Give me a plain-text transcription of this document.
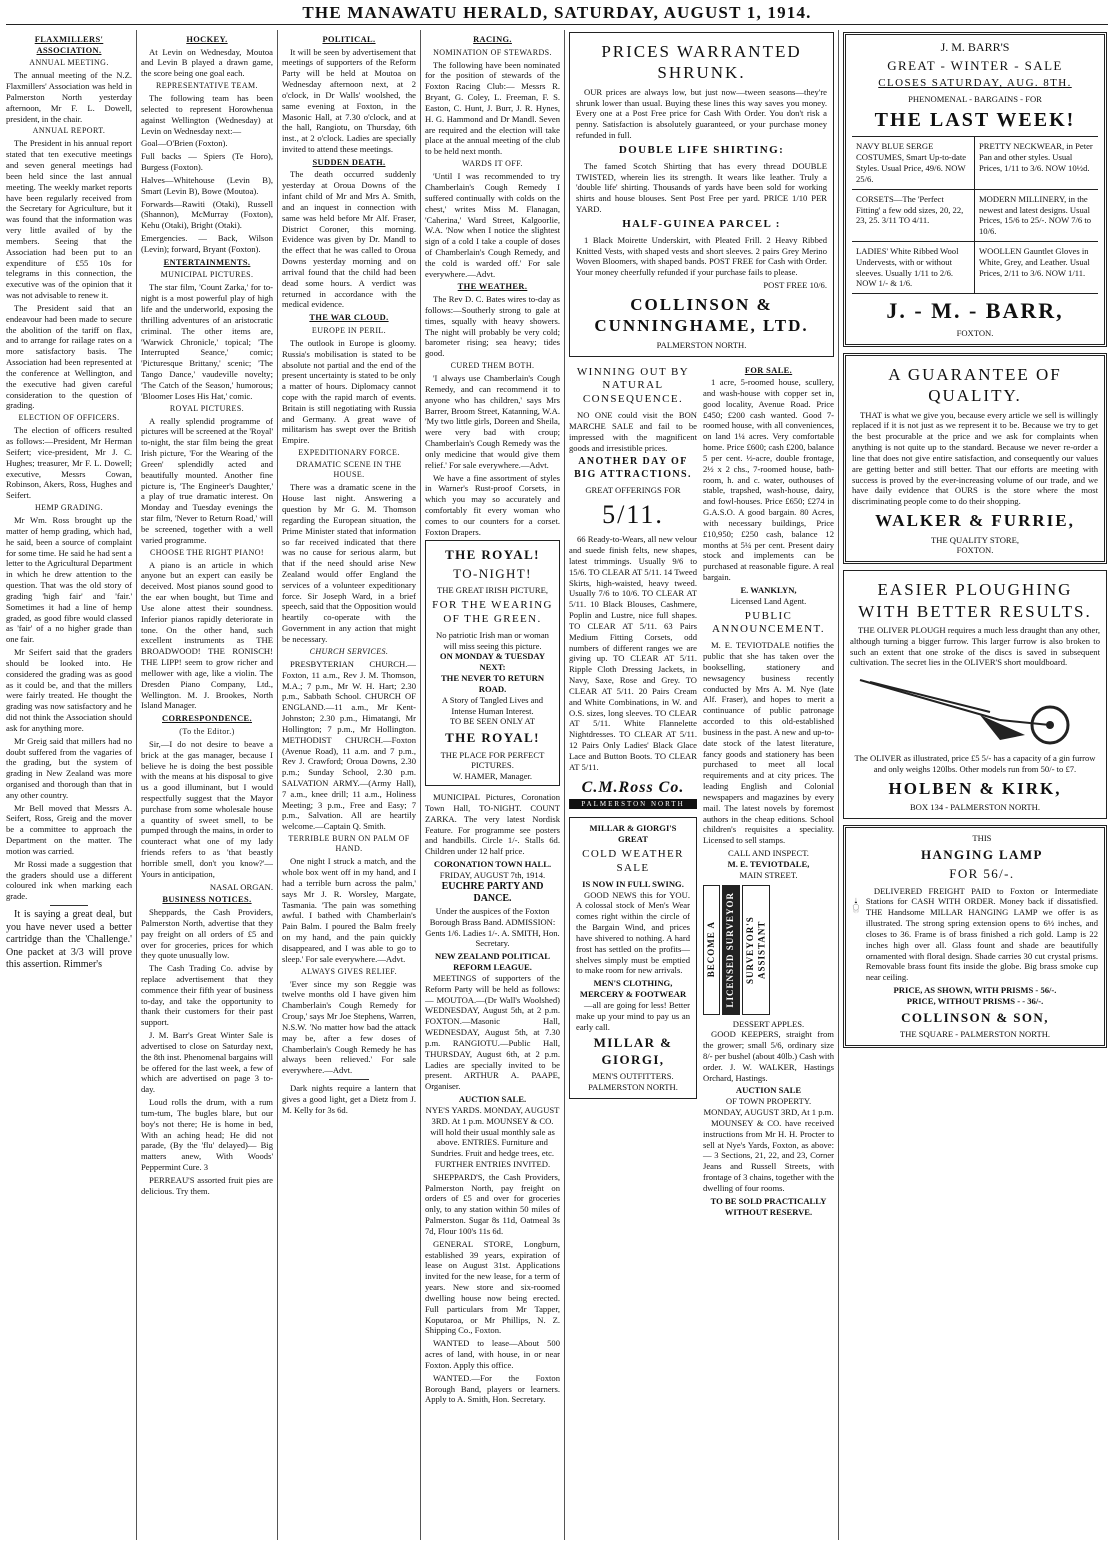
THE MANAWATU HERALD, SATURDAY, AUGUST 1, 1914.
FLAXMILLERS' ASSOCIATION.
ANNUAL MEETING.

The annual meeting of the N.Z. Flaxmillers' Association was held in Palmerston North yesterday afternoon, Mr F. L. Dowell, president, in the chair.

ANNUAL REPORT.

The President in his annual report stated that ten executive meetings and seven general meetings had been held since the last annual meeting. The weekly market reports have been regularly received from the Secretary for Agriculture, but it was found that the information was very little availed of by the members. Seeing that the Association had been put to an expenditure of £55 10s for telegrams in this connection, the executive was of the opinion that it was not advisable to renew it.

The President said that an endeavour had been made to secure the abolition of the tariff on flax, and to arrange for railage rates on a more satisfactory basis. The Association had been represented at the conference at Wellington, and the executive had given careful consideration to the question of grading.

ELECTION OF OFFICERS.

The election of officers resulted as follows:—President, Mr Herman Seifert; vice-president, Mr J. C. Hughes; treasurer, Mr F. L. Dowell; executive, Messrs Cowan, Robinson, Akers, Ross, Hughes and Seifert.

HEMP GRADING.

Mr Wm. Ross brought up the matter of hemp grading, which had, he said, been a source of complaint for some time. He said he had sent a letter to the Agricultural Department in which he drew attention to the question. That was the old story of grading 'high fair' and 'fair.' Sometimes it had a line of hemp graded, as good fibre would classed as 'fair' of a no higher grade than one fair.

Mr Seifert said that the graders should be looked into. He considered the grading was as good as it could be, and that the millers were fairly treated. He thought the grading was now satisfactory and he did not think the Association should ask for anything more.

Mr Greig said that millers had no doubt suffered from the vagaries of the grading, but the system of grading in New Zealand was more organised and thorough than that in any other country.

Mr Bell moved that Messrs A. Seifert, Ross, Greig and the mover be a committee to approach the Department on the matter. The motion was carried.

Mr Rossi made a suggestion that the graders should use a different coloured ink when marking each grade.

It is saying a great deal, but you have never used a better cartridge than the 'Challenge.' One packet at 3/3 will prove this assertion. Rimmer's

HOCKEY.

At Levin on Wednesday, Moutoa and Levin B played a drawn game, the score being one goal each.

REPRESENTATIVE TEAM.

The following team has been selected to represent Horowhenua against Wellington (Wednesday) at Levin on Wednesday next:—

Goal—O'Brien (Foxton).

Full backs — Spiers (Te Horo), Burgess (Foxton).

Halves—Whitehouse (Levin B), Smart (Levin B), Bowe (Moutoa).

Forwards—Rawiti (Otaki), Russell (Shannon), McMurray (Foxton), Kehu (Otaki), Bright (Otaki).

Emergencies. — Back, Wilson (Levin); forward, Bryant (Foxton).

ENTERTAINMENTS.
MUNICIPAL PICTURES.

The star film, 'Count Zarka,' for to-night is a most powerful play of high life and the underworld, exposing the thrilling adventures of an aristocratic criminal. The other items are, 'Warwick Chronicle,' topical; 'The Interrupted Seance,' comic; 'Picturesque Brittany,' scenic; 'The Tango Dance,' vaudeville novelty; 'The Catch of the Season,' humorous; 'Bloomer Loses His Hat,' comic.

ROYAL PICTURES.

A really splendid programme of pictures will be screened at the 'Royal' to-night, the star film being the great Irish picture, 'For the Wearing of the Green' splendidly acted and beautifully mounted. Another fine picture is, 'The Engineer's Daughter,' a play of true dramatic interest. On Monday and Tuesday evenings the star film, 'Never to Return Road,' will be screened, together with a well varied programme.

CHOOSE THE RIGHT PIANO!

A piano is an article in which anyone but an expert can easily be deceived. Most pianos sound good to the ear when bought, but Time and Use alone attest their soundness. Inferior pianos rapidly deteriorate in tone. On the other hand, such excellent instruments as THE BROADWOOD! THE RONISCH! THE LIPP! seem to grow richer and mellower with age, like a violin. The Dresden Piano Company, Ltd., Wellington. M. J. Brookes, North Island Manager.

CORRESPONDENCE.
(To the Editor.)

Sir,—I do not desire to beave a brick at the gas manager, because I believe he is doing the best possible with the means at his disposal to give us a good illuminant, but I would respectfully suggest that the Mayor purchase from some wholesale house a quantity of sweet smell, to be pumped through the mains, in order to counteract what one of my lady friends refers to as 'that beastly horrible smell, don't you know?'—Yours in anticipation,

NASAL ORGAN.

BUSINESS NOTICES.

Sheppards, the Cash Providers, Palmerston North, advertise that they pay freight on all orders of £5 and over for groceries, prices for which they quote unusually low.

The Cash Trading Co. advise by replace advertisement that they commence their fifth year of business to-day, and take the opportunity to thank their customers for their past support.

J. M. Barr's Great Winter Sale is advertised to close on Saturday next, the 8th inst. Phenomenal bargains will be offered for the last week, a few of which are advertised on page 3 to-day.

Loud rolls the drum, with a rum tum-tum, The bugles blare, but our boy's not there; He is home in bed, With an aching head; He did not parade, (By the 'flu' delayed)— Big matters anew, With Woods' Peppermint Cure. 3

PERREAU'S assorted fruit pies are delicious. Try them.

POLITICAL.

It will be seen by advertisement that meetings of supporters of the Reform Party will be held at Moutoa on Wednesday afternoon next, at 2 o'clock, in Dr Walls' woolshed, the same evening at Foxton, in the Masonic Hall, at 7.30 o'clock, and at the hall, Rangiotu, on Thursday, 6th inst., at 2 o'clock. Ladies are specially invited to attend these meetings.

SUDDEN DEATH.

The death occurred suddenly yesterday at Oroua Downs of the infant child of Mr and Mrs A. Smith, and an inquest in connection with same was held before Mr Alf. Fraser, District Coroner, this morning. Evidence was given by Dr. Mandl to the effect that he was called to Oroua Downs yesterday morning and on arrival found that the child had been dead some hours. A verdict was returned in accordance with the medical evidence.

THE WAR CLOUD.
EUROPE IN PERIL.

The outlook in Europe is gloomy. Russia's mobilisation is stated to be absolute not partial and the end of the present uncertainty is stated to be only a matter of hours. Diplomacy cannot cope with the rapid march of events. Britain is still negotiating with Russia and Germany. A great wave of militarism has swept over the British Empire.

EXPEDITIONARY FORCE.
DRAMATIC SCENE IN THE HOUSE.

There was a dramatic scene in the House last night. Answering a question by Mr G. M. Thomson regarding the European situation, the Prime Minister stated that information so far received indicated that there was no cause for serious alarm, but that if the need should arise New Zealand would offer England the services of a volunteer expeditionary force. Sir Joseph Ward, in a brief speech, said that the Opposition would heartily co-operate with the Government in any action that might be necessary.

CHURCH SERVICES.

PRESBYTERIAN CHURCH.—Foxton, 11 a.m., Rev J. M. Thomson, M.A.; 7 p.m., Mr W. H. Hart; 2.30 p.m., Sabbath School. CHURCH OF ENGLAND.—11 a.m., Mr Kent-Johnston; 2.30 p.m., Himatangi, Mr Hollington; 7 p.m., Mr Hollington. METHODIST CHURCH.—Foxton (Avenue Road), 11 a.m. and 7 p.m., Rev J. Crawford; Oroua Downs, 2.30 p.m.; Sunday School, 2.30 p.m. SALVATION ARMY.—(Army Hall), 7 a.m., knee drill; 11 a.m., Holiness Meeting; 3 p.m., Free and Easy; 7 p.m., Salvation. All are heartily welcome.—Captain Q. Smith.

TERRIBLE BURN ON PALM OF HAND.

One night I struck a match, and the whole box went off in my hand, and I had a terrible burn across the palm,' says Mr J. R. Worsley, Margate, Tasmania. 'The pain was something awful. I bathed with Chamberlain's Pain Balm. I poured the Balm freely on my hand, and the pain quickly disappeared, and I was able to go to sleep.' For sale everywhere.—Advt.

ALWAYS GIVES RELIEF.

'Ever since my son Reggie was twelve months old I have given him Chamberlain's Cough Remedy for Croup,' says Mr Joe Stephens, Warren, N.S.W. 'No matter how bad the attack may be, after a few doses of Chamberlain's Cough Remedy he has always been relieved.' For sale everywhere.—Advt.

Dark nights require a lantern that gives a good light, get a Dietz from J. M. Kelly for 3s 6d.

RACING.
NOMINATION OF STEWARDS.

The following have been nominated for the position of stewards of the Foxton Racing Club:— Messrs R. Bryant, G. Coley, L. Freeman, F. S. Easton, C. Hunt, J. Burr, J. R. Hynes, H. G. Hammond and Dr Mandl. Seven are required and the election will take place at the annual meeting of the club to be held next month.

WARDS IT OFF.

'Until I was recommended to try Chamberlain's Cough Remedy I suffered continually with colds on the chest,' writes Miss M. Flanagan, 'Caherina,' Ward Street, Kalgoorlie, W.A. 'Now when I notice the slightest sign of a cold I take a couple of doses of Chamberlain's Cough Remedy, and the cold is warded off.' For sale everywhere.—Advt.

THE WEATHER.

The Rev D. C. Bates wires to-day as follows:—Southerly strong to gale at times, squally with heavy showers. The night will probably be very cold; barometer rising; sea heavy; tides good.

CURED THEM BOTH.

'I always use Chamberlain's Cough Remedy, and can recommend it to anyone who has children,' says Mrs Barrer, Broom Street, Katanning, W.A. 'My two little girls, Doreen and Sheila, were very bad with croup; Chamberlain's Cough Remedy was the only medicine that would give them relief.' For sale everywhere.—Advt.

We have a fine assortment of styles in Warner's Rust-proof Corsets, in which you may so accurately and comfortably fit every woman who comes to our counters for a corset. Foxton Drapers.

THE ROYAL!
TO-NIGHT!
THE GREAT IRISH PICTURE,
FOR THE WEARING OF THE GREEN.
No patriotic Irish man or woman will miss seeing this picture.
ON MONDAY & TUESDAY NEXT:
THE NEVER TO RETURN ROAD.
A Story of Tangled Lives and Intense Human Interest.
TO BE SEEN ONLY AT
THE ROYAL!
THE PLACE FOR PERFECT PICTURES.
W. HAMER, Manager.

MUNICIPAL Pictures, Coronation Town Hall, TO-NIGHT. COUNT ZARKA. The very latest Nordisk Feature. For programme see posters and handbills. Circle 1/-. Stalls 6d. Children under 12 half price.

CORONATION TOWN HALL.
FRIDAY, AUGUST 7th, 1914.
EUCHRE PARTY AND DANCE.

Under the auspices of the Foxton Borough Brass Band. ADMISSION: Gents 1/6. Ladies 1/-. A. SMITH, Hon. Secretary.

NEW ZEALAND POLITICAL REFORM LEAGUE.

MEETINGS of supporters of the Reform Party will be held as follows:— MOUTOA.—(Dr Wall's Woolshed) WEDNESDAY, August 5th, at 2 p.m. FOXTON.—Masonic Hall, WEDNESDAY, August 5th, at 7.30 p.m. RANGIOTU.—Public Hall, THURSDAY, August 6th, at 2 p.m. Ladies are specially invited to be present. ARTHUR A. PAAPE, Organiser.

AUCTION SALE.

NYE'S YARDS. MONDAY, AUGUST 3RD. At 1 p.m. MOUNSEY & CO. will hold their usual monthly sale as above. ENTRIES. Furniture and Sundries. Fruit and hedge trees, etc. FURTHER ENTRIES INVITED.

SHEPPARD'S, the Cash Providers, Palmerston North, pay freight on orders of £5 and over for groceries only, to any station within 50 miles of Palmerston. Sugar 8s 11d, Oatmeal 3s 7d, Flour 100's 11s 6d.

GENERAL STORE, Longburn, established 39 years, expiration of lease on August 31st. Applications invited for the new lease, for a term of years. New store and six-roomed dwelling house now being erected. Full particulars from Mr Tapper, Koputaroa, or Mr Phillips, N. Z. Shipping Co., Foxton.

WANTED to lease—About 500 acres of land, with house, in or near Foxton. Apply this office.

WANTED.—For the Foxton Borough Band, players or learners. Apply to A. Smith, Hon. Secretary.

PRICES WARRANTED SHRUNK.

OUR prices are always low, but just now—tween seasons—they're shrunk lower than usual. Buying these lines this way saves you money. Every one at a Post Free price for Cash With Order. You don't risk a penny. Satisfaction is absolutely guaranteed, or your purchase money refunded in full.

DOUBLE LIFE SHIRTING:

The famed Scotch Shirting that has every thread DOUBLE TWISTED, wherein lies its strength. It wears like leather. Truly a 'double life' shirting. Thousands of yards have been sold for working shirts and house blouses. Sent Post Free per yard. PRICE 1/10 PER YARD.

HALF-GUINEA PARCEL :

1 Black Moirette Underskirt, with Pleated Frill. 2 Heavy Ribbed Knitted Vests, with shaped vests and short sleeves. 2 pairs Grey Merino Woven Bloomers, with shaped bands. POST FREE for Cash with Order. Your money cheerfully refunded if your purchase fails to please.

POST FREE 10/6.

COLLINSON & CUNNINGHAME, LTD.
PALMERSTON NORTH.
WINNING OUT BY NATURAL CONSEQUENCE.

NO ONE could visit the BON MARCHE SALE and fail to be impressed with the magnificent goods and irresistible prices.

ANOTHER DAY OF BIG ATTRACTIONS.
GREAT OFFERINGS FOR
5/11.

66 Ready-to-Wears, all new velour and suede finish felts, new shapes, latest trimmings. Usually 9/6 to 15/6. TO CLEAR AT 5/11. 14 Tweed Skirts, high-waisted, heavy tweed. Usually 7/6 to 10/6. TO CLEAR AT 5/11. 10 Black Blouses, Cashmere, Poplin and Lustre, nice full shapes. TO CLEAR AT 5/11. 63 Pairs Medium Fitting Corsets, odd numbers of different ranges we are giving up. TO CLEAR AT 5/11. Ripple Cloth Dressing Jackets, in Navy, Saxe, Rose and Grey. TO CLEAR AT 5/11. 20 Pairs Cream and White Combinations, in W. and O.S. sizes, long sleeves. TO CLEAR AT 5/11. White Flannelette Nightdresses. TO CLEAR AT 5/11. 12 Pairs Only Ladies' Black Glace Lace and Button Boots. TO CLEAR AT 5/11.

C.M.Ross Co.
PALMERSTON NORTH
MILLAR & GIORGI'S GREAT
COLD WEATHER SALE
IS NOW IN FULL SWING.

GOOD NEWS this for YOU. A colossal stock of Men's Wear comes right within the circle of the Bargain Wind, and prices have shivered to nothing. A hard frost has settled on the profits—shelves simply must be emptied to make room for new arrivals.

MEN'S CLOTHING, MERCERY & FOOTWEAR

—all are going for less! Better make up your mind to pay us an early call.

MILLAR & GIORGI,
MEN'S OUTFITTERS. PALMERSTON NORTH.
FOR SALE.

1 acre, 5-roomed house, scullery, and wash-house with copper set in, good locality, Avenue Road. Price £450; £200 cash wanted. Good 7-roomed house, with all conveniences, on land 1¼ acres. Very comfortable home. Price £600; cash £200, balance 5 per cent. ½-acre, double frontage, 2½ x 2 chs., 7-roomed house, bath-room, h. and c. water, outhouses of stable, trapshed, wash-house, dairy, and fowl-houses. Price £650; £274 in G.A.S.O. A good bargain. 80 Acres, with necessary buildings, Price £10,950; £250 cash, balance 12 months at 5¼ per cent. Present dairy stock and implements can be purchased at reasonable figure. A real bargain.

E. WANKLYN,
Licensed Land Agent.
PUBLIC ANNOUNCEMENT.

M. E. TEVIOTDALE notifies the public that she has taken over the bookselling, stationery and newsagency business recently conducted by Mrs A. M. Nye (late Alf. Fraser), and hopes to merit a continuance of public patronage accorded to this old-established business in the past. A new and up-to-date stock of the latest literature, fancy goods and stationery has been purchased to meet all local requirements and at city prices. The leading English and Colonial newspapers and magazines by every mail. The latest novels by foremost authors in the cheap editions. School children's requisites a speciality. Licensed to sell stamps.

CALL AND INSPECT.
M. E. TEVIOTDALE,
MAIN STREET.
BECOME A LICENSED SURVEYOR SURVEYOR'S ASSISTANT
DESSERT APPLES.

GOOD KEEPERS, straight from the grower; small 5/6, ordinary size 8/- per bushel (about 40lb.) Cash with order. J. W. WALKER, Hastings Orchard, Hastings.

AUCTION SALE
OF TOWN PROPERTY.
MONDAY, AUGUST 3RD, At 1 p.m.

MOUNSEY & CO. have received instructions from Mr H. H. Procter to sell at Nye's Yards, Foxton, as above:— 3 Sections, 21, 22, and 23, Corner Jeans and Russell Streets, with frontage of 3 chains, together with the dwelling of four rooms.

TO BE SOLD PRACTICALLY WITHOUT RESERVE.
J. M. BARR'S
GREAT - WINTER - SALE
CLOSES SATURDAY, AUG. 8TH.
PHENOMENAL - BARGAINS - FOR
THE LAST WEEK!
NAVY BLUE SERGE COSTUMES, Smart Up-to-date Styles. Usual Price, 49/6. NOW 25/6.
PRETTY NECKWEAR, in Peter Pan and other styles. Usual Prices, 1/11 to 3/6. NOW 10½d.
CORSETS—The 'Perfect Fitting' a few odd sizes, 20, 22, 23, 25. 3/11 TO 4/11.
MODERN MILLINERY, in the newest and latest designs. Usual Prices, 15/6 to 25/-. NOW 7/6 to 10/6.
LADIES' White Ribbed Wool Undervests, with or without sleeves. Usually 1/11 to 2/6. NOW 1/- & 1/6.
WOOLLEN Gauntlet Gloves in White, Grey, and Leather. Usual Prices, 2/11 to 3/6. NOW 1/11.
J. - M. - BARR,
FOXTON.
A GUARANTEE OF QUALITY.

THAT is what we give you, because every article we sell is willingly replaced if it is not just as we represent it to be. Because we try to get the best procurable at the price and we ask for complaints when anything is not quite up to the standard. Because we never re-order a line that does not give entire satisfaction, and consequently our values are getting better and still better. That our efforts are meeting with success is proved by the ever-increasing volume of our trade, and we have daily evidence that OURS is the store where the most discriminating people come to do their shopping.

WALKER & FURRIE,
THE QUALITY STORE,
FOXTON.
EASIER PLOUGHING WITH BETTER RESULTS.

THE OLIVER PLOUGH requires a much less draught than any other, although turning a bigger furrow. This larger furrow is also broken to such an extent that one stroke of the discs is saved in subsequent cultivation. The secret lies in the OLIVER'S short mouldboard.

The OLIVER as illustrated, price £5 5/- has a capacity of a gin furrow and only weighs 120lbs. Other models run from 50/- to £7.

HOLBEN & KIRK,
BOX 134 - PALMERSTON NORTH.
THIS
HANGING LAMP
FOR 56/-.

DELIVERED FREIGHT PAID to Foxton or Intermediate Stations for CASH WITH ORDER. Money back if dissatisfied. THE Handsome MILLAR HANGING LAMP we offer is as illustrated. The strong spring extension opens to 6½ inches, and closes to 36. Frame is of brass finished a rich gold. Lamp is 22 inches high over all. Glass fount and shade are beautifully ornamented with floral design. Shade carries 30 cut crystal prisms. Removable brass fount fits inside the globe. Big brass smoke cup near ceiling.

PRICE, AS SHOWN, WITH PRISMS - 56/-.
PRICE, WITHOUT PRISMS - - 36/-.
COLLINSON & SON,
THE SQUARE - PALMERSTON NORTH.
